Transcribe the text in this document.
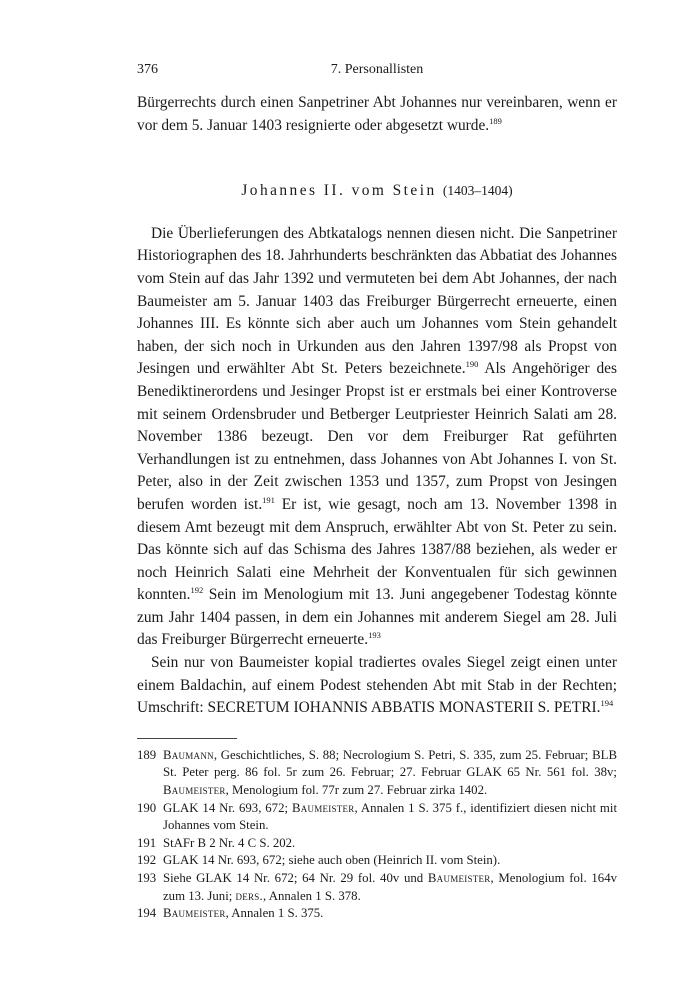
376	7. Personallisten

Bürgerrechts durch einen Sanpetriner Abt Johannes nur vereinbaren, wenn er vor dem 5. Januar 1403 resignierte oder abgesetzt wurde.$^{189}$

Johannes II. vom Stein (1403–1404)

Die Überlieferungen des Abtkatalogs nennen diesen nicht. Die Sanpetriner Historiographen des 18. Jahrhunderts beschränkten das Abbatiat des Johannes vom Stein auf das Jahr 1392 und vermuteten bei dem Abt Johannes, der nach Baumeister am 5. Januar 1403 das Freiburger Bürgerrecht erneuerte, einen Johannes III. Es könnte sich aber auch um Johannes vom Stein gehandelt haben, der sich noch in Urkunden aus den Jahren 1397/98 als Propst von Jesingen und erwählter Abt St. Peters bezeichnete.$^{190}$ Als Angehöriger des Benediktinerordens und Jesinger Propst ist er erstmals bei einer Kontroverse mit seinem Ordensbruder und Betberger Leutpriester Heinrich Salati am 28. November 1386 bezeugt. Den vor dem Freiburger Rat geführten Verhandlungen ist zu entnehmen, dass Johannes von Abt Johannes I. von St. Peter, also in der Zeit zwischen 1353 und 1357, zum Propst von Jesingen berufen worden ist.$^{191}$ Er ist, wie gesagt, noch am 13. November 1398 in diesem Amt bezeugt mit dem Anspruch, erwählter Abt von St. Peter zu sein. Das könnte sich auf das Schisma des Jahres 1387/88 beziehen, als weder er noch Heinrich Salati eine Mehrheit der Konventualen für sich gewinnen konnten.$^{192}$ Sein im Menologium mit 13. Juni angegebener Todestag könnte zum Jahr 1404 passen, in dem ein Johannes mit anderem Siegel am 28. Juli das Freiburger Bürgerrecht erneuerte.$^{193}$

Sein nur von Baumeister kopial tradiertes ovales Siegel zeigt einen unter einem Baldachin, auf einem Podest stehenden Abt mit Stab in der Rechten; Umschrift: SECRETUM IOHANNIS ABBATIS MONASTERII S. PETRI.$^{194}$

189 Baumann, Geschichtliches, S. 88; Necrologium S. Petri, S. 335, zum 25. Februar; BLB St. Peter perg. 86 fol. 5r zum 26. Februar; 27. Februar GLAK 65 Nr. 561 fol. 38v; Baumeister, Menologium fol. 77r zum 27. Februar zirka 1402.
190 GLAK 14 Nr. 693, 672; Baumeister, Annalen 1 S. 375 f., identifiziert diesen nicht mit Johannes vom Stein.
191 StAFr B 2 Nr. 4 C S. 202.
192 GLAK 14 Nr. 693, 672; siehe auch oben (Heinrich II. vom Stein).
193 Siehe GLAK 14 Nr. 672; 64 Nr. 29 fol. 40v und Baumeister, Menologium fol. 164v zum 13. Juni; ders., Annalen 1 S. 378.
194 Baumeister, Annalen 1 S. 375.
